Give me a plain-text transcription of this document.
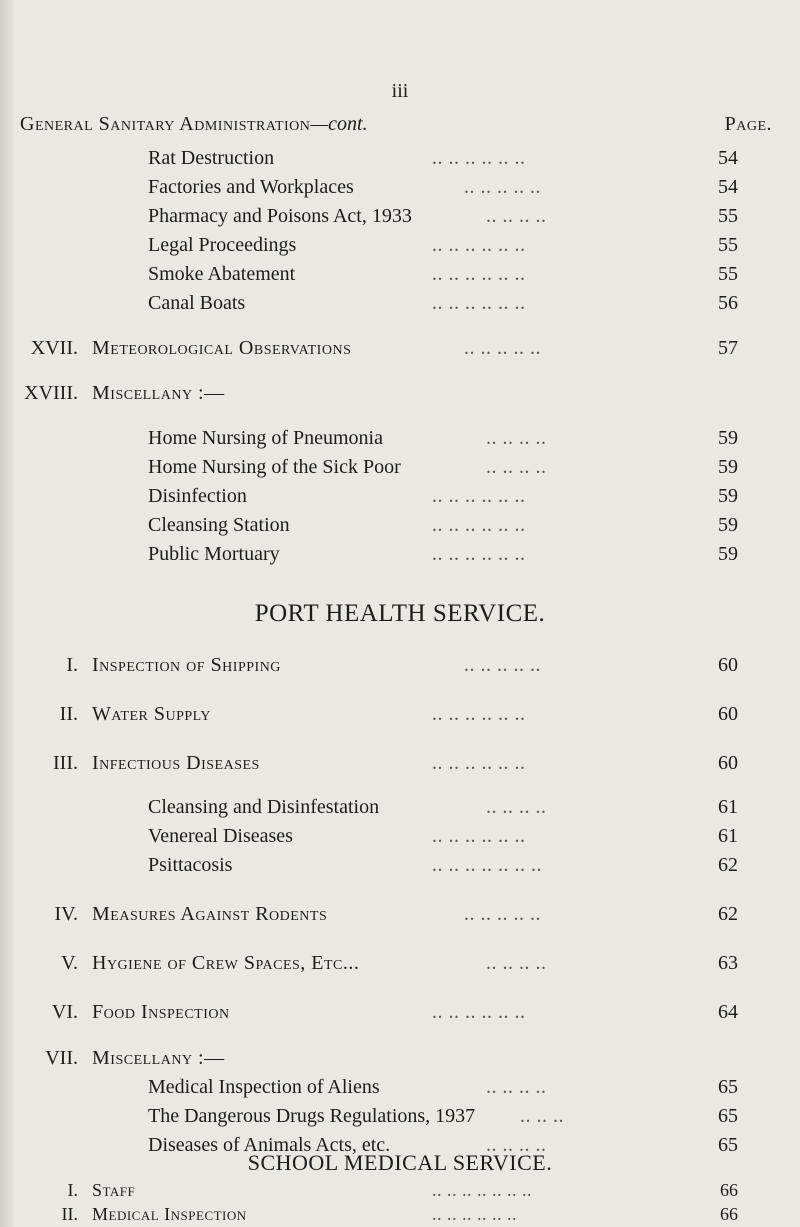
iii
General Sanitary Administration—cont.	Page.
Rat Destruction	.. .. .. .. .. ..	54
Factories and Workplaces	.. .. .. .. ..	54
Pharmacy and Poisons Act, 1933	.. .. .. ..	55
Legal Proceedings	.. .. .. .. .. ..	55
Smoke Abatement	.. .. .. .. .. ..	55
Canal Boats	.. .. .. .. .. ..	56
XVII. Meteorological Observations	.. .. .. .. ..	57
XVIII. Miscellany :—
Home Nursing of Pneumonia	.. .. .. ..	59
Home Nursing of the Sick Poor	.. .. .. ..	59
Disinfection	.. .. .. .. .. ..	59
Cleansing Station	.. .. .. .. .. ..	59
Public Mortuary	.. .. .. .. .. ..	59
PORT HEALTH SERVICE.
I. Inspection of Shipping	.. .. .. .. ..	60
II. Water Supply	.. .. .. .. .. ..	60
III. Infectious Diseases	.. .. .. .. .. ..	60
Cleansing and Disinfestation	.. .. .. ..	61
Venereal Diseases	.. .. .. .. .. ..	61
Psittacosis	.. .. .. .. .. .. ..	62
IV. Measures Against Rodents	.. .. .. .. ..	62
V. Hygiene of Crew Spaces, Etc...	.. .. .. ..	63
VI. Food Inspection	.. .. .. .. .. ..	64
VII. Miscellany :—
Medical Inspection of Aliens	.. .. .. ..	65
The Dangerous Drugs Regulations, 1937 .. .. ..	65
Diseases of Animals Acts, etc.	.. .. .. ..	65
SCHOOL MEDICAL SERVICE.
I. Staff	.. .. .. .. .. .. ..	66
II. Medical Inspection	.. .. .. .. .. ..	66
